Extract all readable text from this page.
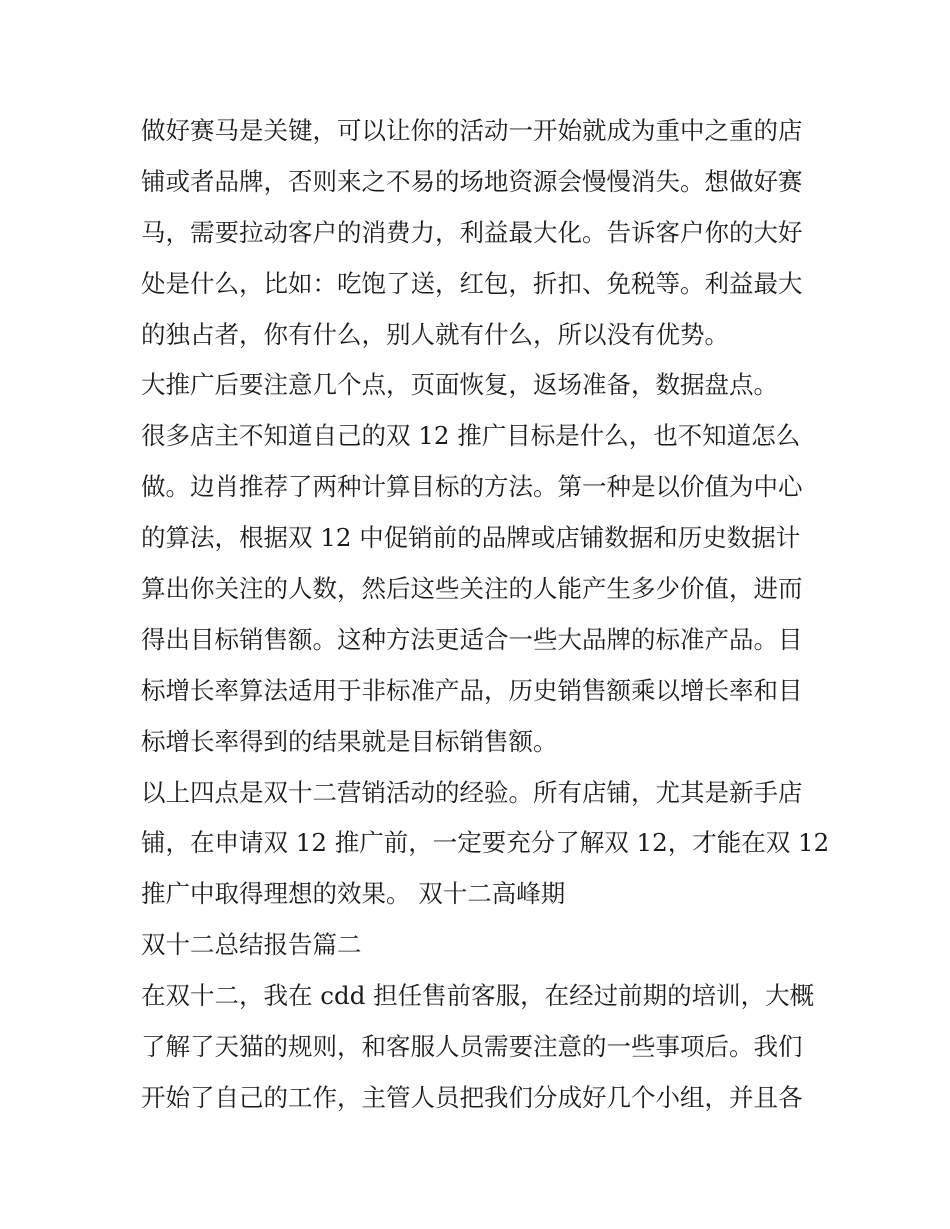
做好赛马是关键，可以让你的活动一开始就成为重中之重的店
铺或者品牌，否则来之不易的场地资源会慢慢消失。想做好赛
马，需要拉动客户的消费力，利益最大化。告诉客户你的大好
处是什么，比如：吃饱了送，红包，折扣、免税等。利益最大
的独占者，你有什么，别人就有什么，所以没有优势。
大推广后要注意几个点，页面恢复，返场准备，数据盘点。
很多店主不知道自己的双 12 推广目标是什么，也不知道怎么
做。边肖推荐了两种计算目标的方法。第一种是以价值为中心
的算法，根据双 12 中促销前的品牌或店铺数据和历史数据计
算出你关注的人数，然后这些关注的人能产生多少价值，进而
得出目标销售额。这种方法更适合一些大品牌的标准产品。目
标增长率算法适用于非标准产品，历史销售额乘以增长率和目
标增长率得到的结果就是目标销售额。
以上四点是双十二营销活动的经验。所有店铺，尤其是新手店
铺，在申请双 12 推广前，一定要充分了解双 12，才能在双 12
推广中取得理想的效果。 双十二高峰期
双十二总结报告篇二
在双十二，我在 cdd 担任售前客服，在经过前期的培训，大概
了解了天猫的规则，和客服人员需要注意的一些事项后。我们
开始了自己的工作，主管人员把我们分成好几个小组，并且各
